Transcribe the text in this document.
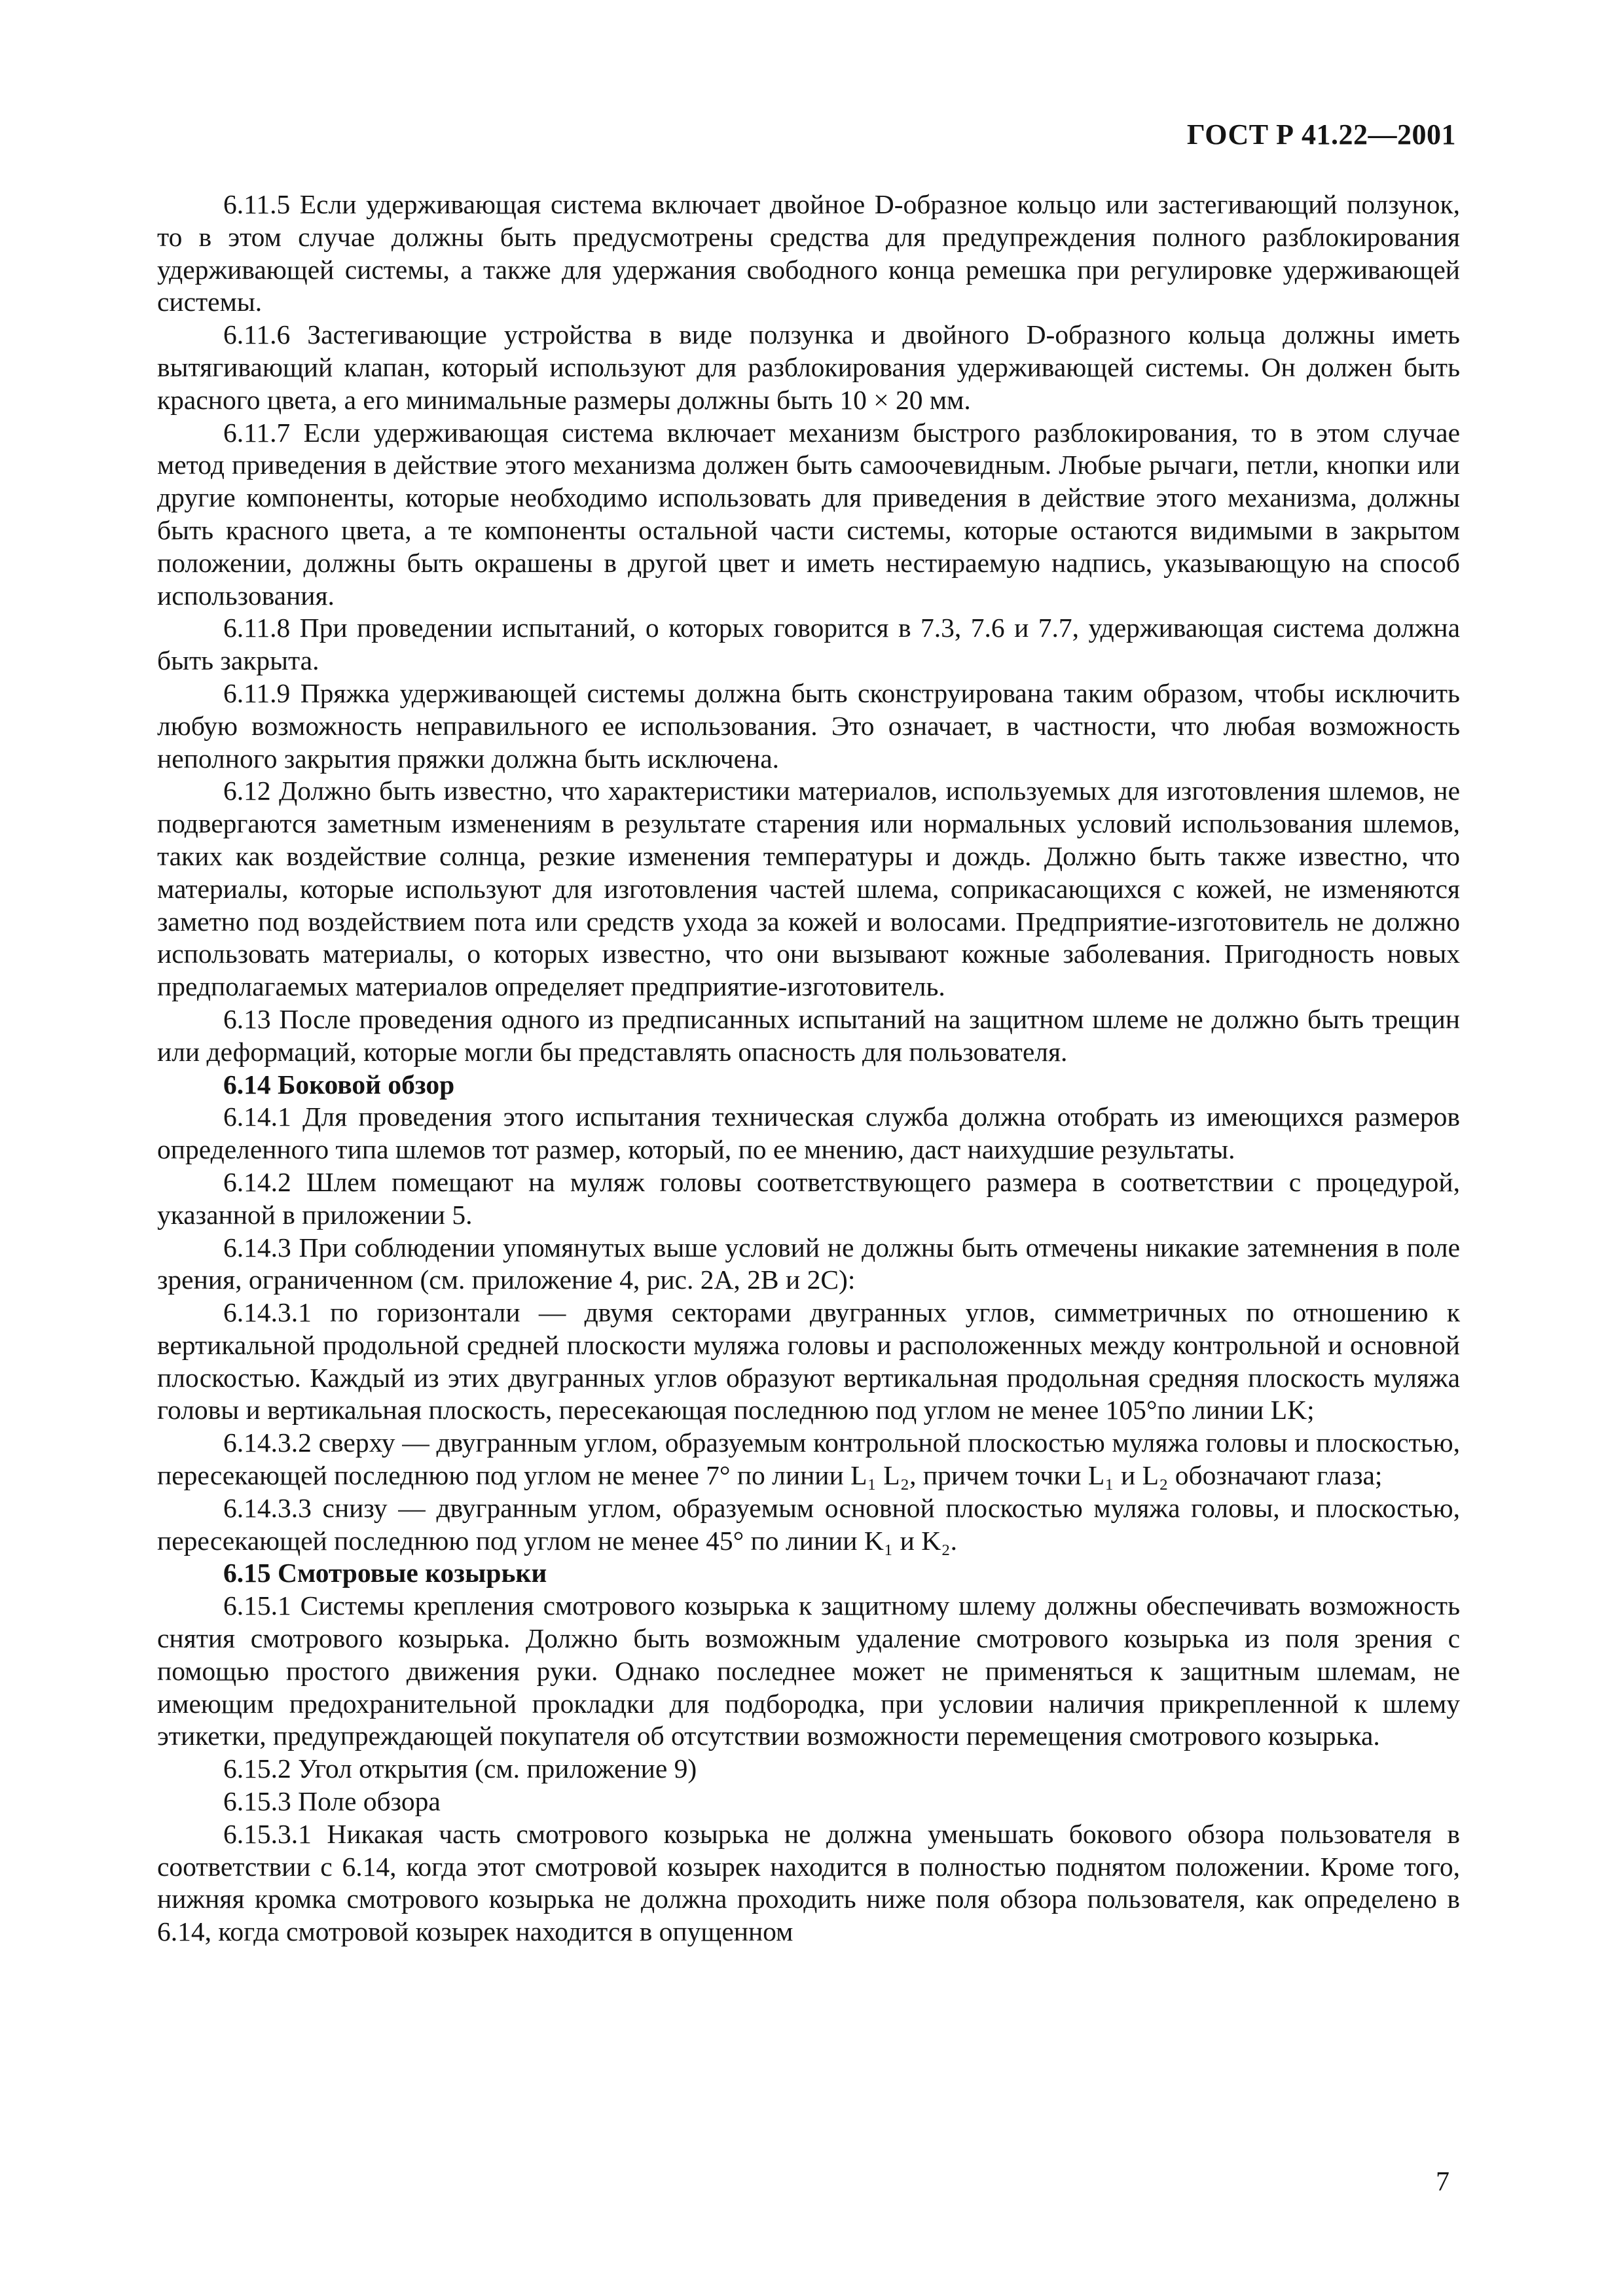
ГОСТ Р 41.22—2001

6.11.5 Если удерживающая система включает двойное D-образное кольцо или застегивающий ползунок, то в этом случае должны быть предусмотрены средства для предупреждения полного разблокирования удерживающей системы, а также для удержания свободного конца ремешка при регулировке удерживающей системы.

6.11.6 Застегивающие устройства в виде ползунка и двойного D-образного кольца должны иметь вытягивающий клапан, который используют для разблокирования удерживающей системы. Он должен быть красного цвета, а его минимальные размеры должны быть 10 × 20 мм.

6.11.7 Если удерживающая система включает механизм быстрого разблокирования, то в этом случае метод приведения в действие этого механизма должен быть самоочевидным. Любые рычаги, петли, кнопки или другие компоненты, которые необходимо использовать для приведения в действие этого механизма, должны быть красного цвета, а те компоненты остальной части системы, которые остаются видимыми в закрытом положении, должны быть окрашены в другой цвет и иметь нестираемую надпись, указывающую на способ использования.

6.11.8 При проведении испытаний, о которых говорится в 7.3, 7.6 и 7.7, удерживающая система должна быть закрыта.

6.11.9 Пряжка удерживающей системы должна быть сконструирована таким образом, чтобы исключить любую возможность неправильного ее использования. Это означает, в частности, что любая возможность неполного закрытия пряжки должна быть исключена.

6.12 Должно быть известно, что характеристики материалов, используемых для изготовления шлемов, не подвергаются заметным изменениям в результате старения или нормальных условий использования шлемов, таких как воздействие солнца, резкие изменения температуры и дождь. Должно быть также известно, что материалы, которые используют для изготовления частей шлема, соприкасающихся с кожей, не изменяются заметно под воздействием пота или средств ухода за кожей и волосами. Предприятие-изготовитель не должно использовать материалы, о которых известно, что они вызывают кожные заболевания. Пригодность новых предполагаемых материалов определяет предприятие-изготовитель.

6.13 После проведения одного из предписанных испытаний на защитном шлеме не должно быть трещин или деформаций, которые могли бы представлять опасность для пользователя.

6.14 Боковой обзор

6.14.1 Для проведения этого испытания техническая служба должна отобрать из имеющихся размеров определенного типа шлемов тот размер, который, по ее мнению, даст наихудшие результаты.

6.14.2 Шлем помещают на муляж головы соответствующего размера в соответствии с процедурой, указанной в приложении 5.

6.14.3 При соблюдении упомянутых выше условий не должны быть отмечены никакие затемнения в поле зрения, ограниченном (см. приложение 4, рис. 2А, 2В и 2С):

6.14.3.1 по горизонтали — двумя секторами двугранных углов, симметричных по отношению к вертикальной продольной средней плоскости муляжа головы и расположенных между контрольной и основной плоскостью. Каждый из этих двугранных углов образуют вертикальная продольная средняя плоскость муляжа головы и вертикальная плоскость, пересекающая последнюю под углом не менее 105°по линии LK;

6.14.3.2 сверху — двугранным углом, образуемым контрольной плоскостью муляжа головы и плоскостью, пересекающей последнюю под углом не менее 7° по линии L₁ L₂, причем точки L₁ и L₂ обозначают глаза;

6.14.3.3 снизу — двугранным углом, образуемым основной плоскостью муляжа головы, и плоскостью, пересекающей последнюю под углом не менее 45° по линии K₁ и K₂.

6.15 Смотровые козырьки

6.15.1 Системы крепления смотрового козырька к защитному шлему должны обеспечивать возможность снятия смотрового козырька. Должно быть возможным удаление смотрового козырька из поля зрения с помощью простого движения руки. Однако последнее может не применяться к защитным шлемам, не имеющим предохранительной прокладки для подбородка, при условии наличия прикрепленной к шлему этикетки, предупреждающей покупателя об отсутствии возможности перемещения смотрового козырька.

6.15.2 Угол открытия (см. приложение 9)

6.15.3 Поле обзора

6.15.3.1 Никакая часть смотрового козырька не должна уменьшать бокового обзора пользователя в соответствии с 6.14, когда этот смотровой козырек находится в полностью поднятом положении. Кроме того, нижняя кромка смотрового козырька не должна проходить ниже поля обзора пользователя, как определено в 6.14, когда смотровой козырек находится в опущенном

7
